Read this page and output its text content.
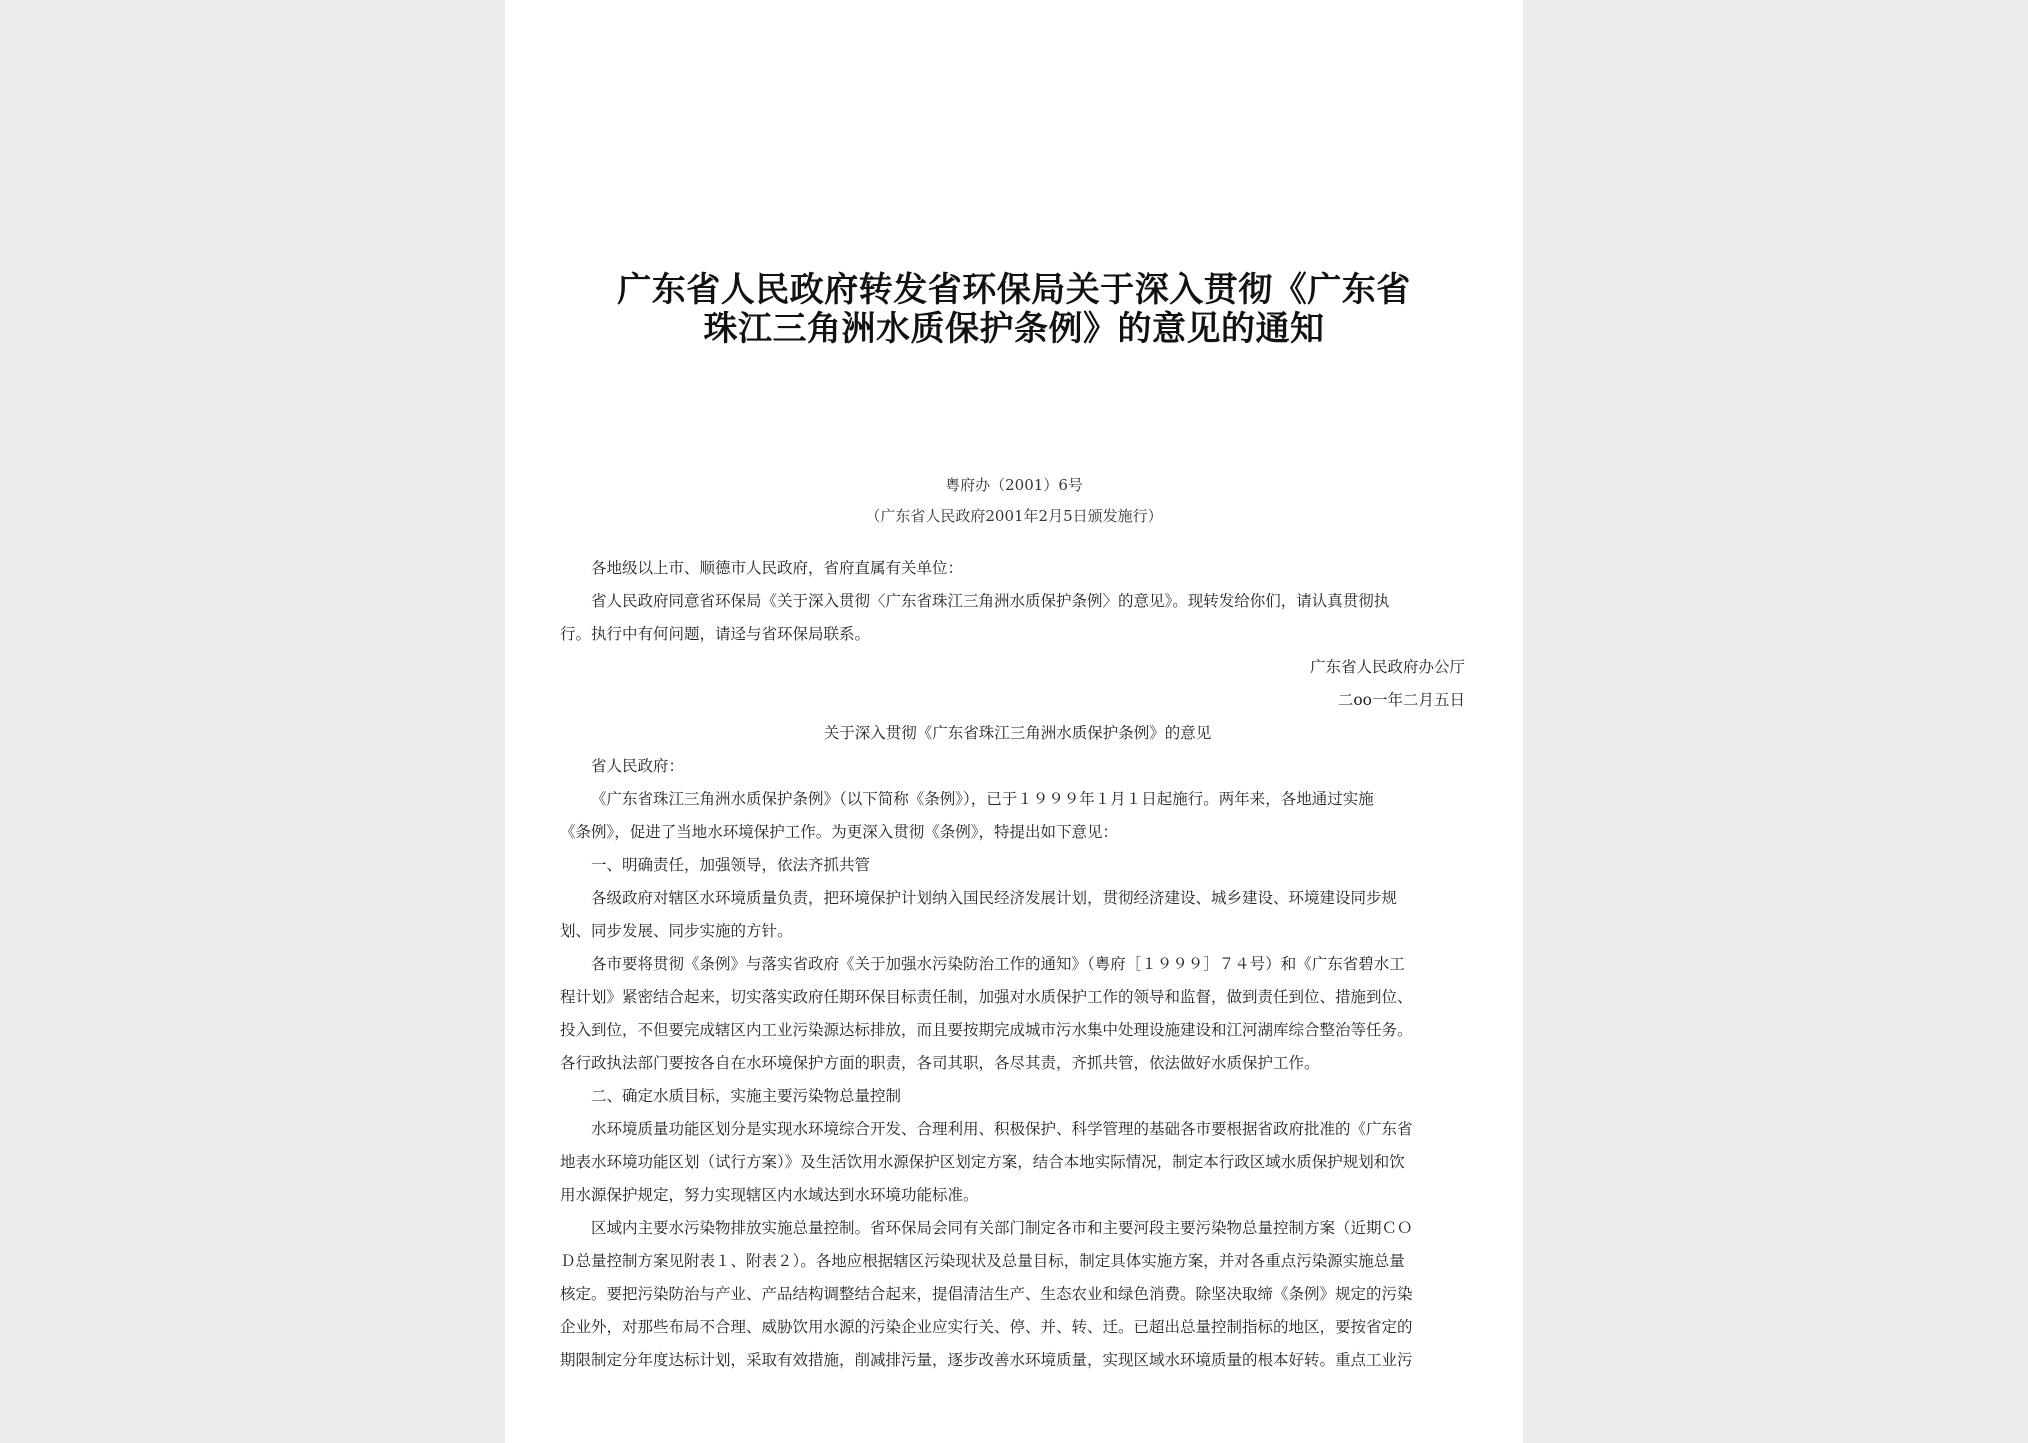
广东省人民政府转发省环保局关于深入贯彻《广东省
珠江三角洲水质保护条例》的意见的通知
粤府办（2001）6号
（广东省人民政府2001年2月5日颁发施行）
各地级以上市、顺德市人民政府，省府直属有关单位：
省人民政府同意省环保局《关于深入贯彻〈广东省珠江三角洲水质保护条例〉的意见》。现转发给你们，请认真贯彻执
行。执行中有何问题，请迳与省环保局联系。
广东省人民政府办公厅
二oo一年二月五日
关于深入贯彻《广东省珠江三角洲水质保护条例》的意见
省人民政府：
《广东省珠江三角洲水质保护条例》（以下简称《条例》），已于１９９９年１月１日起施行。两年来，各地通过实施
《条例》，促进了当地水环境保护工作。为更深入贯彻《条例》，特提出如下意见：
一、明确责任，加强领导，依法齐抓共管
各级政府对辖区水环境质量负责，把环境保护计划纳入国民经济发展计划，贯彻经济建设、城乡建设、环境建设同步规
划、同步发展、同步实施的方针。
各市要将贯彻《条例》与落实省政府《关于加强水污染防治工作的通知》（粤府［１９９９］７４号）和《广东省碧水工
程计划》紧密结合起来，切实落实政府任期环保目标责任制，加强对水质保护工作的领导和监督，做到责任到位、措施到位、
投入到位，不但要完成辖区内工业污染源达标排放，而且要按期完成城市污水集中处理设施建设和江河湖库综合整治等任务。
各行政执法部门要按各自在水环境保护方面的职责，各司其职，各尽其责，齐抓共管，依法做好水质保护工作。
二、确定水质目标，实施主要污染物总量控制
水环境质量功能区划分是实现水环境综合开发、合理利用、积极保护、科学管理的基础各市要根据省政府批准的《广东省
地表水环境功能区划（试行方案）》及生活饮用水源保护区划定方案，结合本地实际情况，制定本行政区域水质保护规划和饮
用水源保护规定，努力实现辖区内水域达到水环境功能标准。
区域内主要水污染物排放实施总量控制。省环保局会同有关部门制定各市和主要河段主要污染物总量控制方案（近期ＣＯ
Ｄ总量控制方案见附表１、附表２）。各地应根据辖区污染现状及总量目标，制定具体实施方案，并对各重点污染源实施总量
核定。要把污染防治与产业、产品结构调整结合起来，提倡清洁生产、生态农业和绿色消费。除坚决取缔《条例》规定的污染
企业外，对那些布局不合理、威胁饮用水源的污染企业应实行关、停、并、转、迁。已超出总量控制指标的地区，要按省定的
期限制定分年度达标计划，采取有效措施，削减排污量，逐步改善水环境质量，实现区域水环境质量的根本好转。重点工业污
